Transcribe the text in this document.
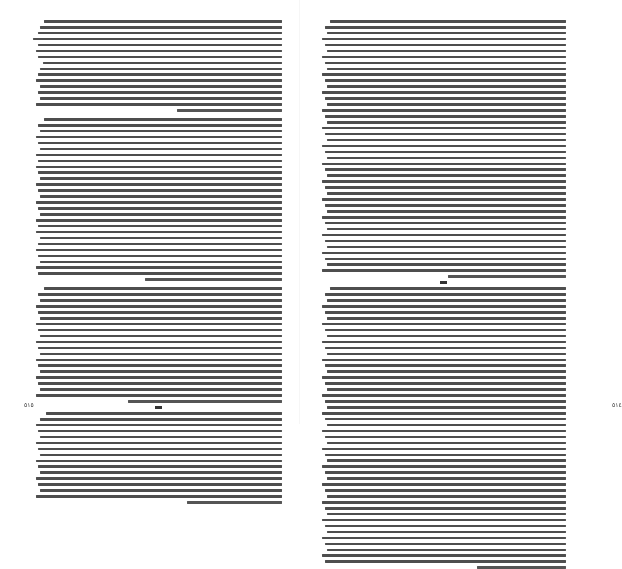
٥١٥	٥١٤
